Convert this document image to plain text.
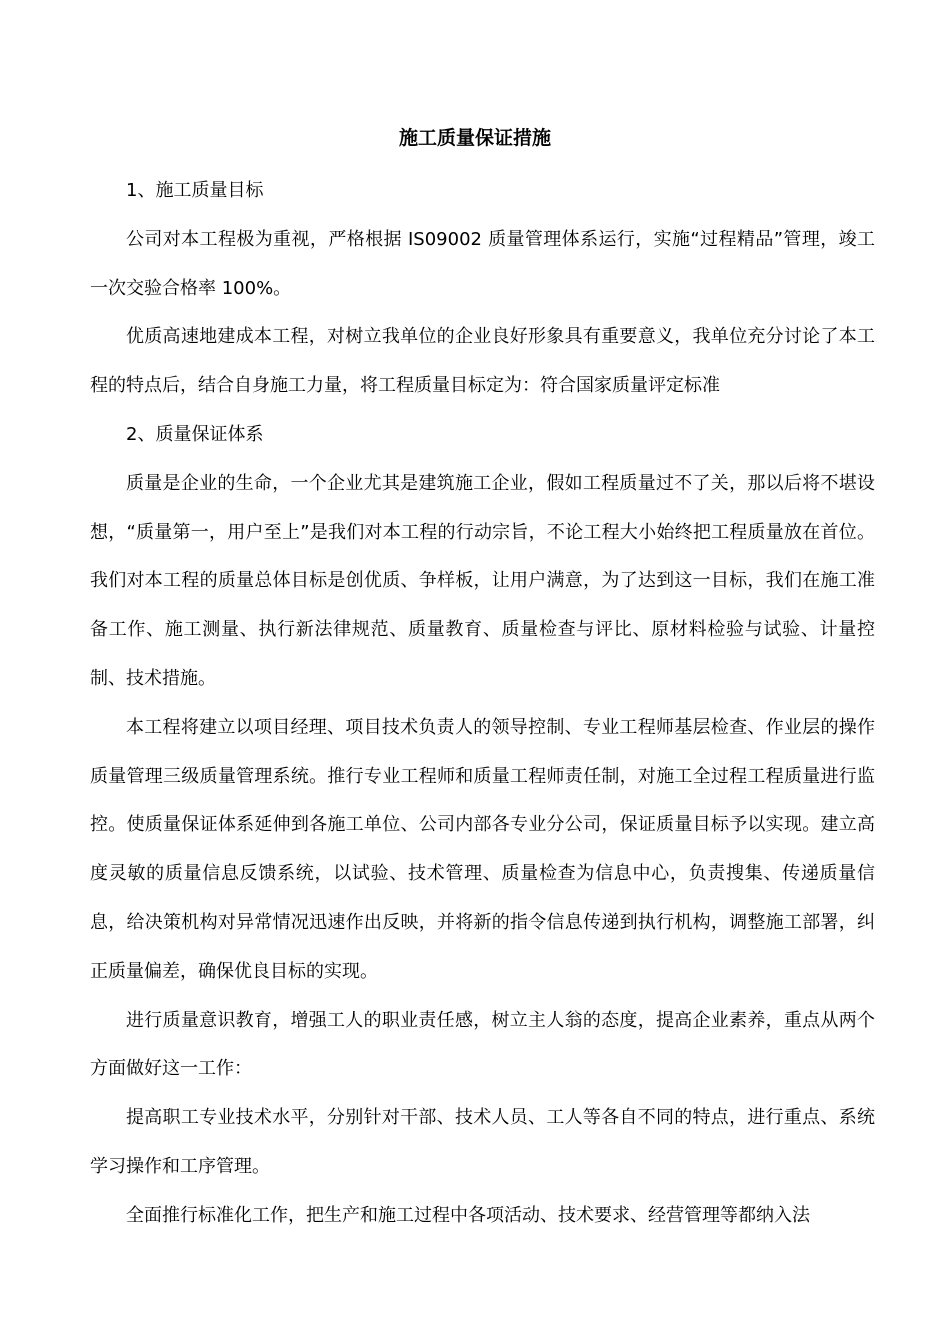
施工质量保证措施

1、施工质量目标

公司对本工程极为重视，严格根据 IS09002 质量管理体系运行，实施“过程精品”管理，竣工一次交验合格率 100%。

优质高速地建成本工程，对树立我单位的企业良好形象具有重要意义，我单位充分讨论了本工程的特点后，结合自身施工力量，将工程质量目标定为：符合国家质量评定标准

2、质量保证体系

质量是企业的生命，一个企业尤其是建筑施工企业，假如工程质量过不了关，那以后将不堪设想，“质量第一，用户至上”是我们对本工程的行动宗旨，不论工程大小始终把工程质量放在首位。我们对本工程的质量总体目标是创优质、争样板，让用户满意，为了达到这一目标，我们在施工准备工作、施工测量、执行新法律规范、质量教育、质量检查与评比、原材料检验与试验、计量控制、技术措施。

本工程将建立以项目经理、项目技术负责人的领导控制、专业工程师基层检查、作业层的操作质量管理三级质量管理系统。推行专业工程师和质量工程师责任制，对施工全过程工程质量进行监控。使质量保证体系延伸到各施工单位、公司内部各专业分公司，保证质量目标予以实现。建立高度灵敏的质量信息反馈系统，以试验、技术管理、质量检查为信息中心，负责搜集、传递质量信息，给决策机构对异常情况迅速作出反映，并将新的指令信息传递到执行机构，调整施工部署，纠正质量偏差，确保优良目标的实现。

进行质量意识教育，增强工人的职业责任感，树立主人翁的态度，提高企业素养，重点从两个方面做好这一工作：

提高职工专业技术水平，分别针对干部、技术人员、工人等各自不同的特点，进行重点、系统学习操作和工序管理。

全面推行标准化工作，把生产和施工过程中各项活动、技术要求、经营管理等都纳入法
